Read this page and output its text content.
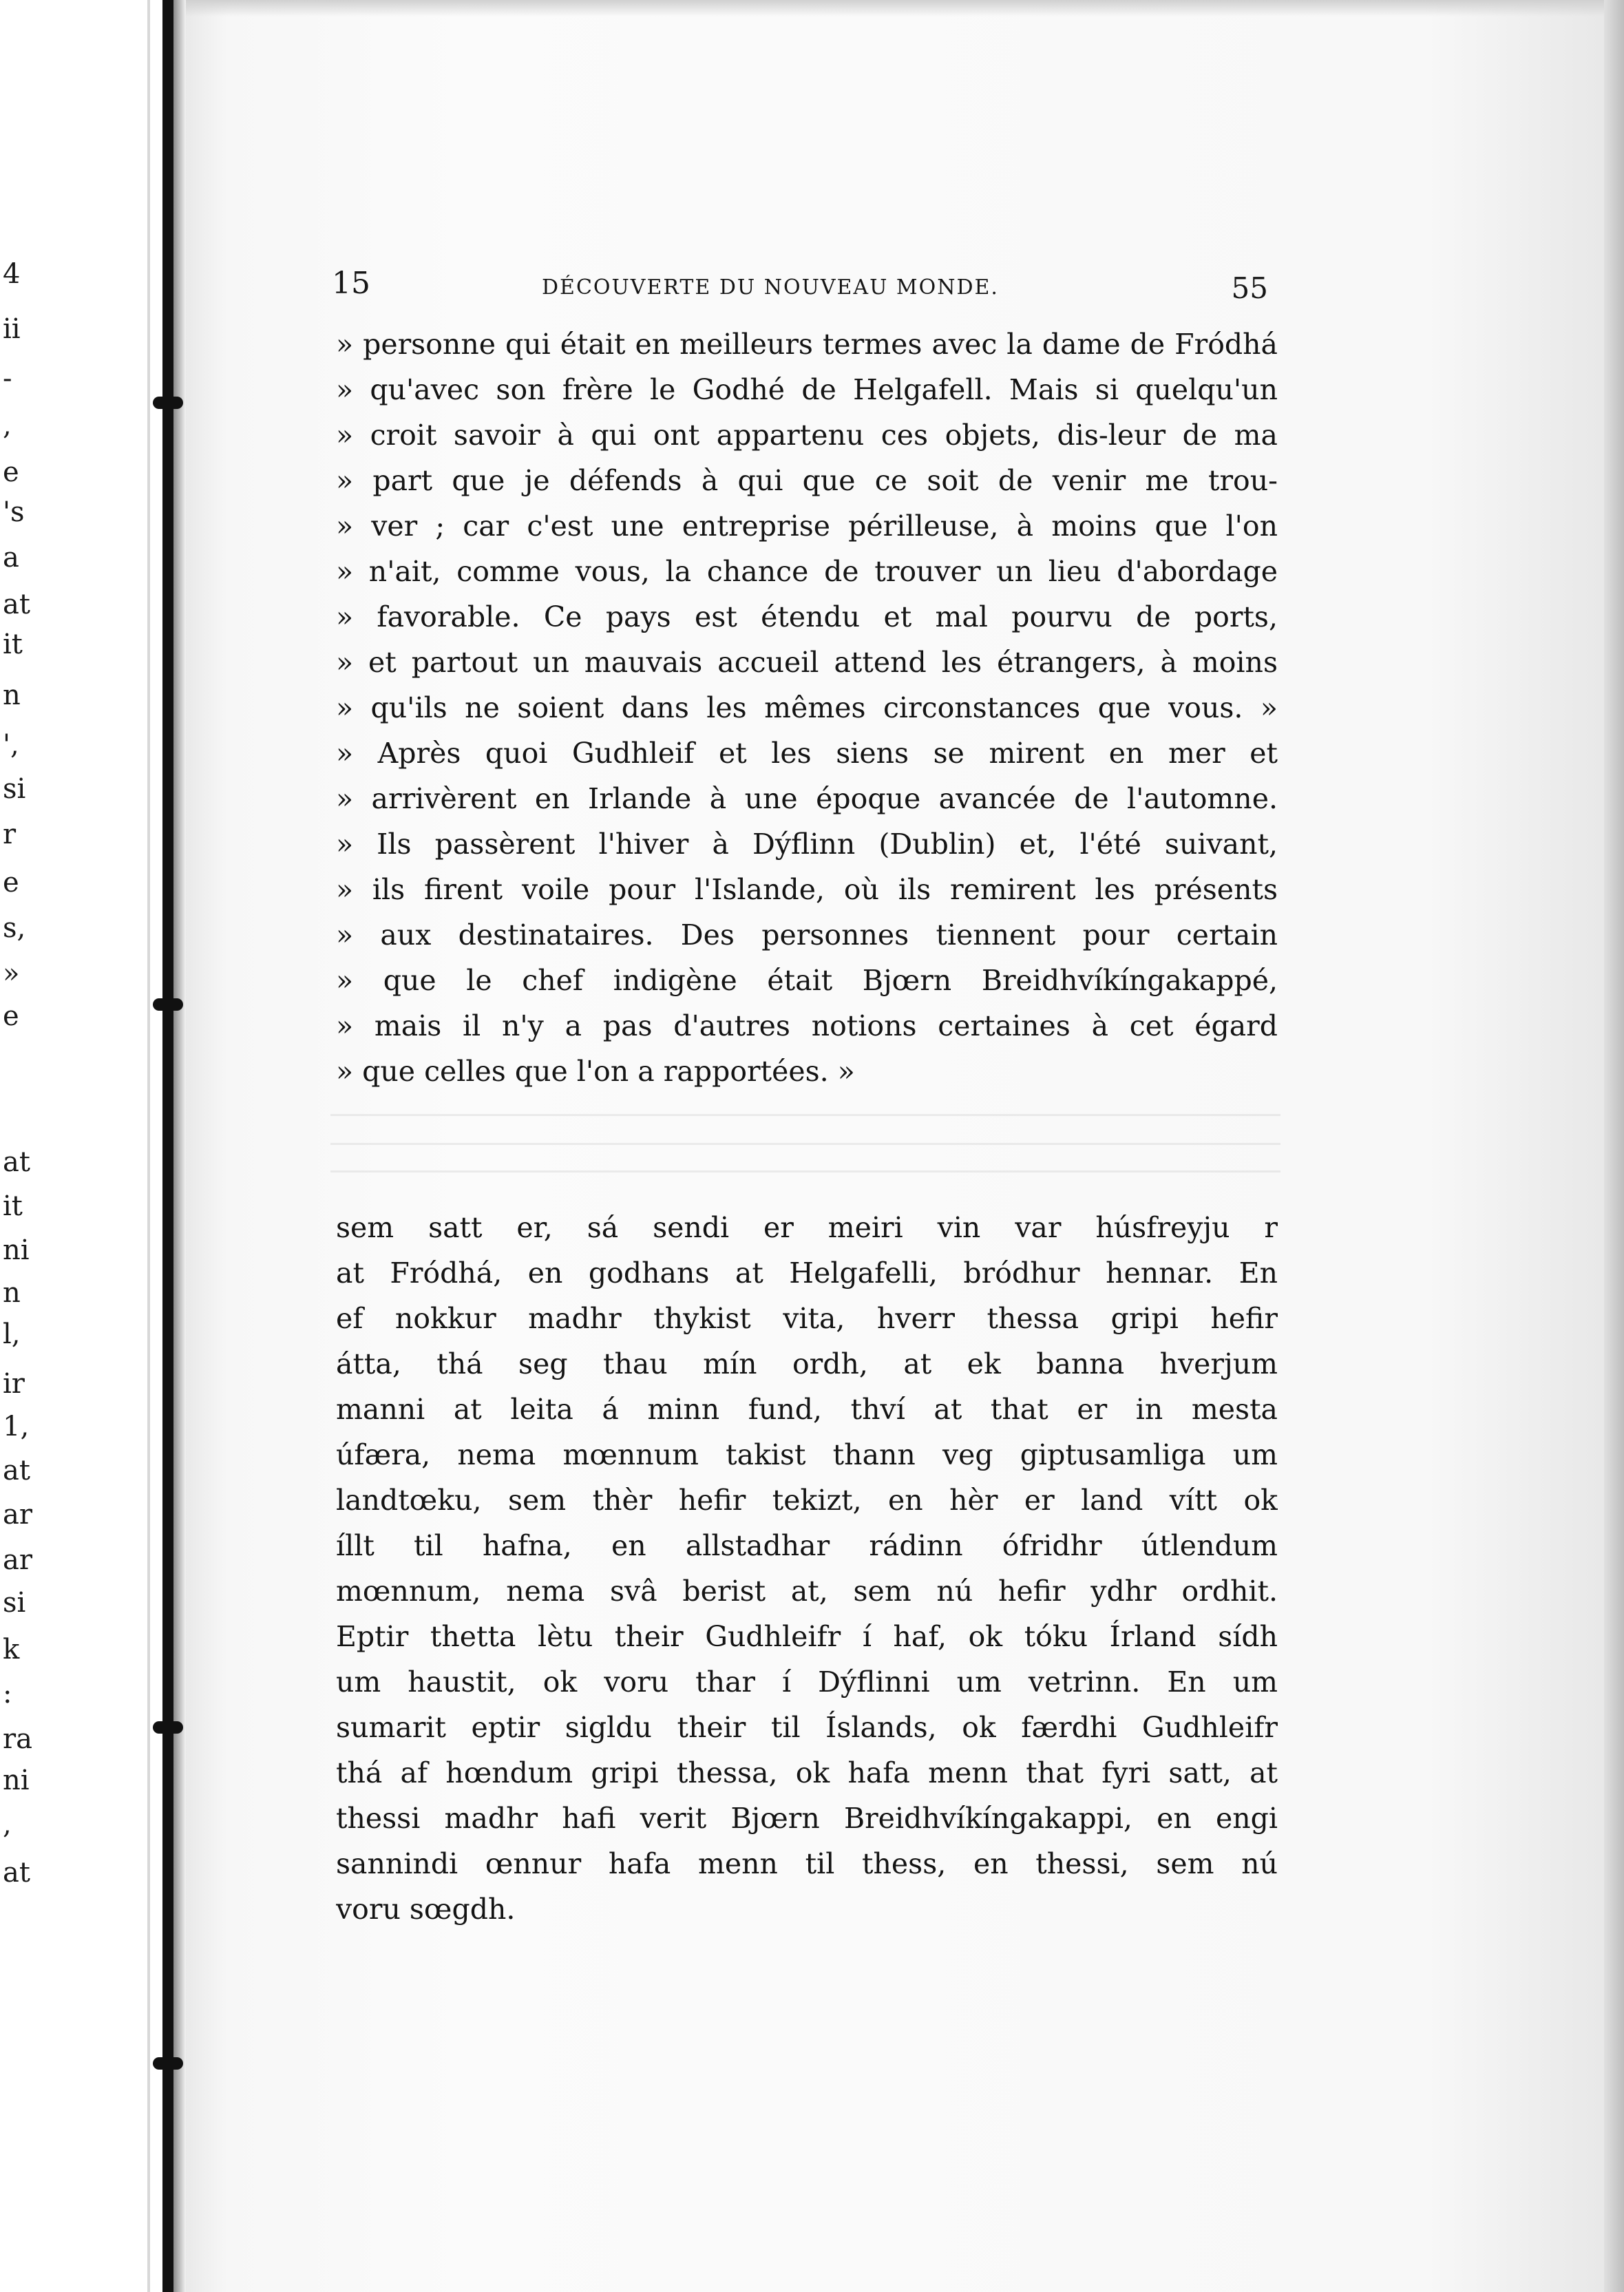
4
ii
-
,
e
's
a
at
it
n
',
si
r
e
s,
»
e
at
it
ni
n
l,
ir
1,
at
ar
ar
si
k
:
ra
ni
,
at
15	DÉCOUVERTE DU NOUVEAU MONDE.	55
» personne qui était en meilleurs termes avec la dame de Fródhá
» qu'avec son frère le Godhé de Helgafell. Mais si quelqu'un
» croit savoir à qui ont appartenu ces objets, dis-leur de ma
» part que je défends à qui que ce soit de venir me trou-
» ver ; car c'est une entreprise périlleuse, à moins que l'on
» n'ait, comme vous, la chance de trouver un lieu d'abordage
» favorable. Ce pays est étendu et mal pourvu de ports,
» et partout un mauvais accueil attend les étrangers, à moins
» qu'ils ne soient dans les mêmes circonstances que vous. »
» Après quoi Gudhleif et les siens se mirent en mer et
» arrivèrent en Irlande à une époque avancée de l'automne.
» Ils passèrent l'hiver à Dýflinn (Dublin) et, l'été suivant,
» ils firent voile pour l'Islande, où ils remirent les présents
» aux destinataires. Des personnes tiennent pour certain
» que le chef indigène était Bjœrn Breidhvíkíngakappé,
» mais il n'y a pas d'autres notions certaines à cet égard
» que celles que l'on a rapportées. »
sem satt er, sá sendi er meiri vin var húsfreyju r
at Fródhá, en godhans at Helgafelli, bródhur hennar. En
ef nokkur madhr thykist vita, hverr thessa gripi hefir
átta, thá seg thau mín ordh, at ek banna hverjum
manni at leita á minn fund, thví at that er in mesta
úfæra, nema mœnnum takist thann veg giptusamliga um
landtœku, sem thèr hefir tekizt, en hèr er land vítt ok
íllt til hafna, en allstadhar rádinn ófridhr útlendum
mœnnum, nema svâ berist at, sem nú hefir ydhr ordhit.
Eptir thetta lètu their Gudhleifr í haf, ok tóku Írland sídh
um haustit, ok voru thar í Dýflinni um vetrinn. En um
sumarit eptir sigldu their til Íslands, ok færdhi Gudhleifr
thá af hœndum gripi thessa, ok hafa menn that fyri satt, at
thessi madhr hafi verit Bjœrn Breidhvíkíngakappi, en engi
sannindi œnnur hafa menn til thess, en thessi, sem nú
voru sœgdh.
